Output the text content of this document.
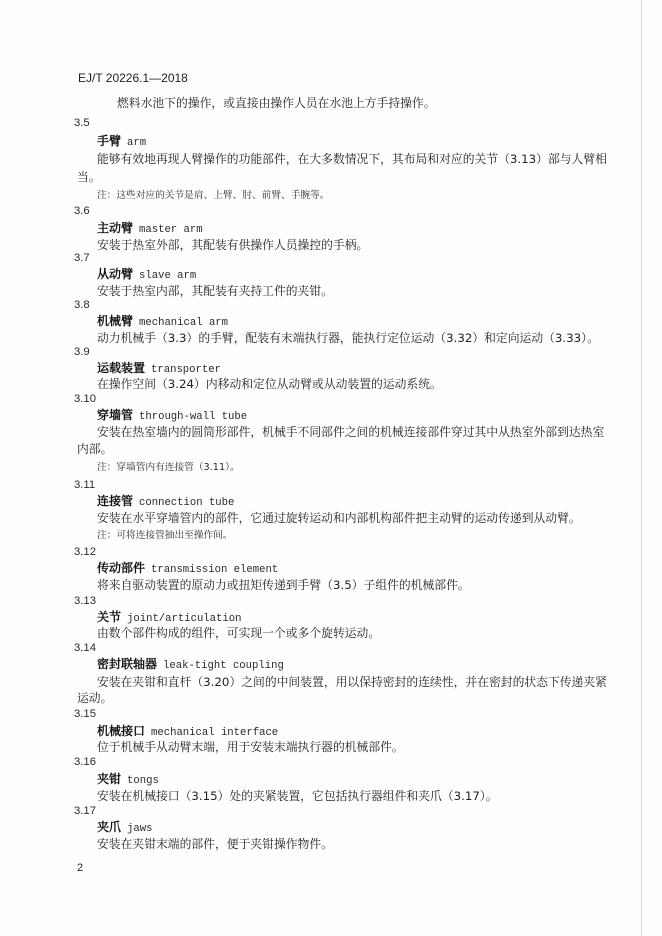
EJ/T 20226.1—2018
燃料水池下的操作，或直接由操作人员在水池上方手持操作。
3.5
手臂 arm
能够有效地再现人臂操作的功能部件，在大多数情况下，其布局和对应的关节（3.13）部与人臂相
当。
注：这些对应的关节是肩、上臂、肘、前臂、手腕等。
3.6
主动臂 master arm
安装于热室外部，其配装有供操作人员操控的手柄。
3.7
从动臂 slave arm
安装于热室内部，其配装有夹持工件的夹钳。
3.8
机械臂 mechanical arm
动力机械手（3.3）的手臂，配装有末端执行器，能执行定位运动（3.32）和定向运动（3.33）。
3.9
运载装置 transporter
在操作空间（3.24）内移动和定位从动臂或从动装置的运动系统。
3.10
穿墙管 through-wall tube
安装在热室墙内的圆筒形部件，机械手不同部件之间的机械连接部件穿过其中从热室外部到达热室
内部。
注：穿墙管内有连接管（3.11）。
3.11
连接管 connection tube
安装在水平穿墙管内的部件，它通过旋转运动和内部机构部件把主动臂的运动传递到从动臂。
注：可将连接管抽出至操作间。
3.12
传动部件 transmission element
将来自驱动装置的原动力或扭矩传递到手臂（3.5）子组件的机械部件。
3.13
关节 joint/articulation
由数个部件构成的组件，可实现一个或多个旋转运动。
3.14
密封联轴器 leak-tight coupling
安装在夹钳和直杆（3.20）之间的中间装置，用以保持密封的连续性，并在密封的状态下传递夹紧
运动。
3.15
机械接口 mechanical interface
位于机械手从动臂末端，用于安装末端执行器的机械部件。
3.16
夹钳 tongs
安装在机械接口（3.15）处的夹紧装置，它包括执行器组件和夹爪（3.17）。
3.17
夹爪 jaws
安装在夹钳末端的部件，便于夹钳操作物件。
2
